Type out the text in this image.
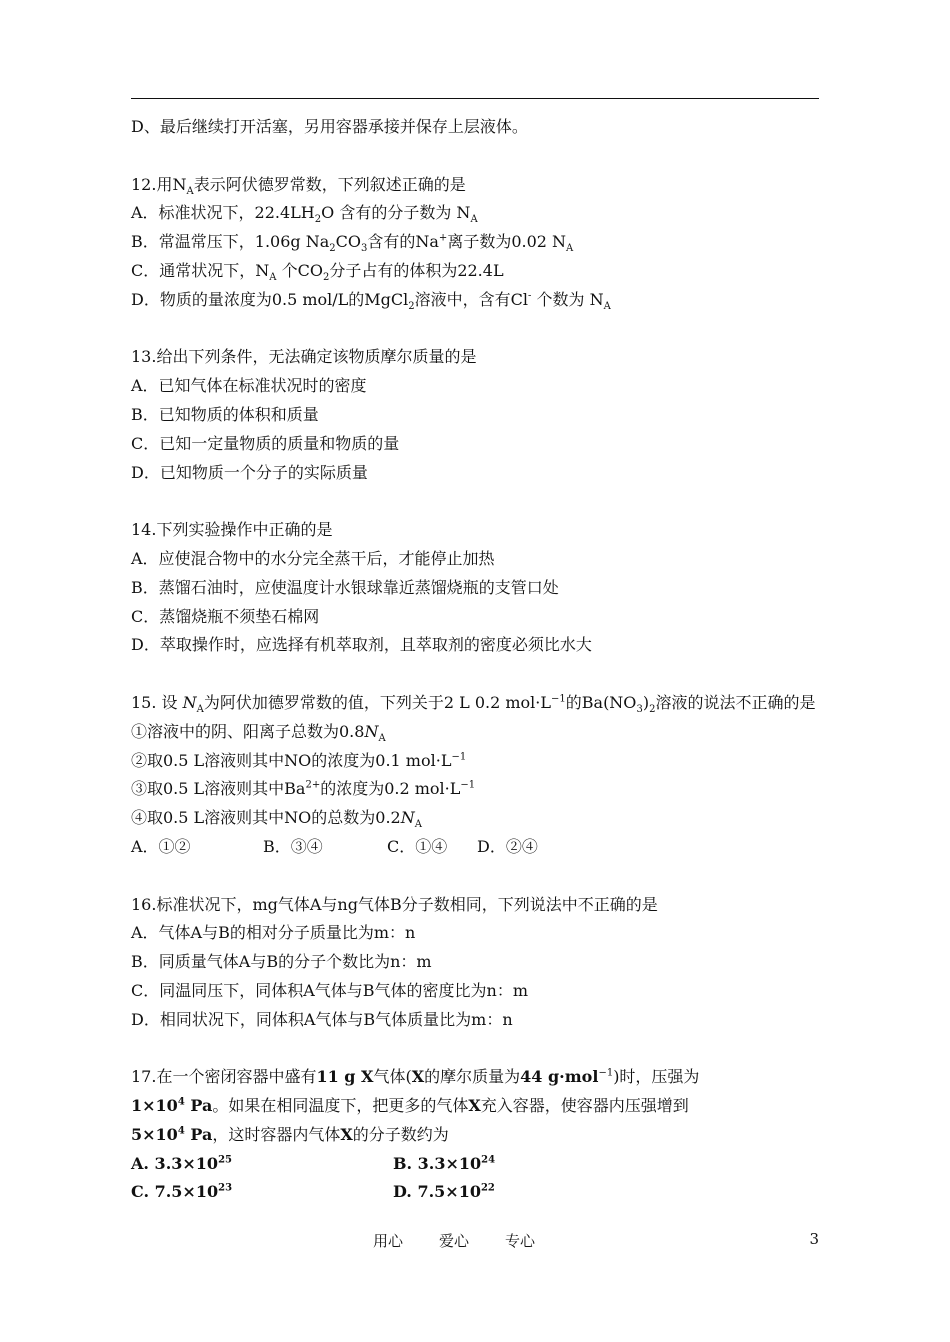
D、最后继续打开活塞，另用容器承接并保存上层液体。
12.用$N_A$表示阿伏德罗常数，下列叙述正确的是
A．标准状况下，$22.4LH_2O$ 含有的分子数为 $N_A$
B．常温常压下，1.06g $Na_2CO_3$含有的Na+离子数为0.02 $N_A$
C．通常状况下，$N_A$ 个$CO_2$分子占有的体积为22.4L
D．物质的量浓度为0.5 mol/L的MgCl$_2$溶液中，含有Cl- 个数为 $N_A$
13.给出下列条件，无法确定该物质摩尔质量的是
A．已知气体在标准状况时的密度
B．已知物质的体积和质量
C．已知一定量物质的质量和物质的量
D．已知物质一个分子的实际质量
14.下列实验操作中正确的是
A．应使混合物中的水分完全蒸干后，才能停止加热
B．蒸馏石油时，应使温度计水银球靠近蒸馏烧瓶的支管口处
C．蒸馏烧瓶不须垫石棉网
D．萃取操作时，应选择有机萃取剂，且萃取剂的密度必须比水大
15. 设 $N_A$为阿伏加德罗常数的值，下列关于2 L 0.2 $mol\cdot L^{-1}$的$Ba(NO_3)_2$溶液的说法不正确的是
①溶液中的阴、阳离子总数为$0.8N_A$
②取0.5 L溶液则其中NO的浓度为0.1 $mol\cdot L^{-1}$
③取0.5 L溶液则其中$Ba^{2+}$的浓度为0.2 $mol\cdot L^{-1}$
④取0.5 L溶液则其中NO的总数为$0.2N_A$
A．①②	B．③④	C．①④ D．②④
16.标准状况下，mg气体A与ng气体B分子数相同，下列说法中不正确的是
A．气体A与B的相对分子质量比为m：n
B．同质量气体A与B的分子个数比为n：m
C．同温同压下，同体积A气体与B气体的密度比为n：m
D．相同状况下，同体积A气体与B气体质量比为m：n
17.在一个密闭容器中盛有11 g X气体(X的摩尔质量为44 g·mol$^{-1}$)时，压强为
$1\times 10^4$ Pa。如果在相同温度下，把更多的气体X充入容器，使容器内压强增到
$5\times 10^4$ Pa，这时容器内气体X的分子数约为
A. $3.3\times 10^{25}$	B. $3.3\times 10^{24}$
C. $7.5\times 10^{23}$	D. $7.5\times 10^{22}$
用心 爱心 专心	3
